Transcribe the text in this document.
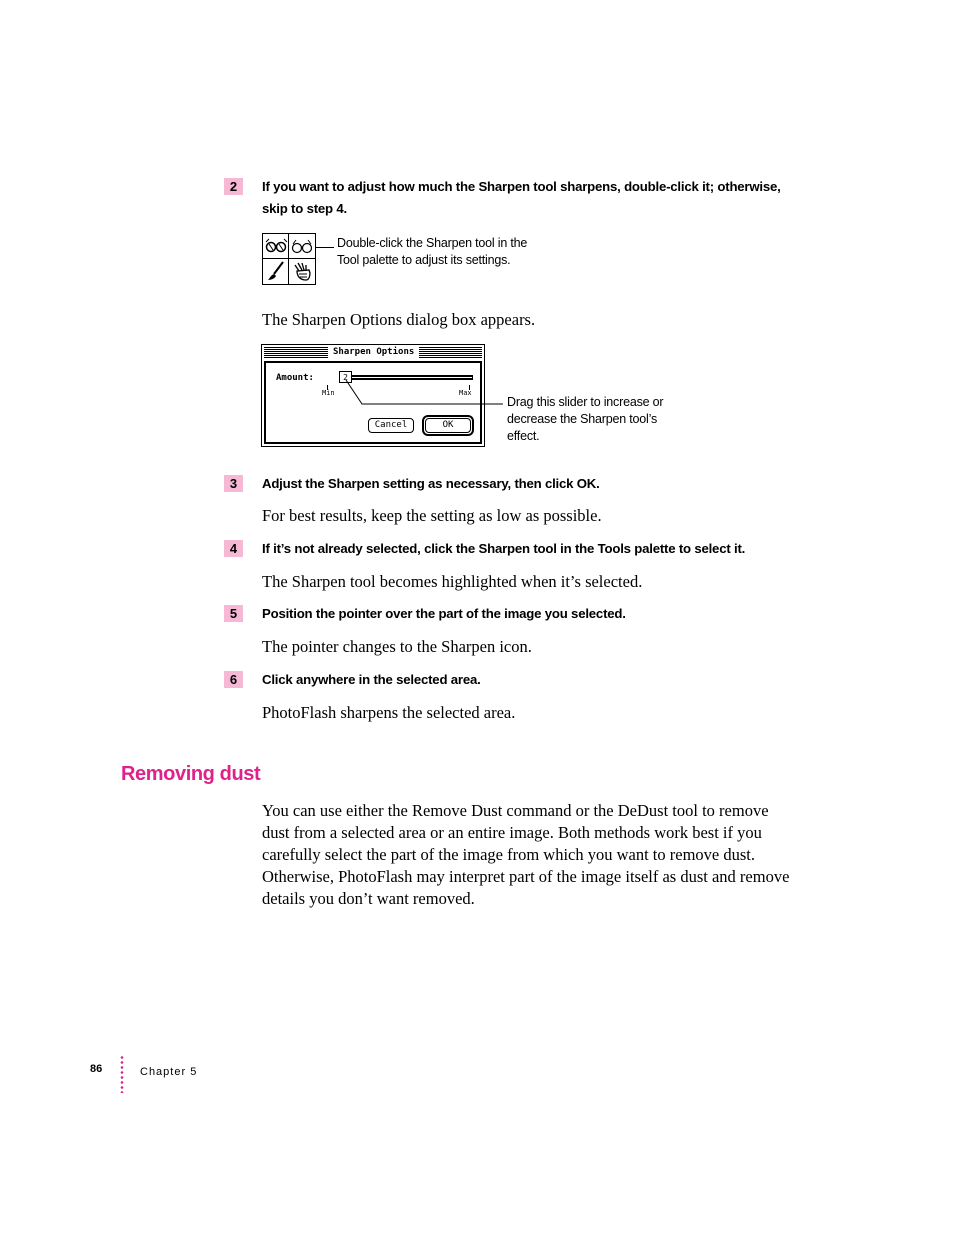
2	If you want to adjust how much the Sharpen tool sharpens, double-click it; otherwise, skip to step 4.
Double-click the Sharpen tool in the Tool palette to adjust its settings.
The Sharpen Options dialog box appears.
Sharpen Options
Amount:	2
Min	Max
Cancel	OK
Drag this slider to increase or decrease the Sharpen tool’s effect.
3	Adjust the Sharpen setting as necessary, then click OK.
For best results, keep the setting as low as possible.
4	If it’s not already selected, click the Sharpen tool in the Tools palette to select it.
The Sharpen tool becomes highlighted when it’s selected.
5	Position the pointer over the part of the image you selected.
The pointer changes to the Sharpen icon.
6	Click anywhere in the selected area.
PhotoFlash sharpens the selected area.
Removing dust
You can use either the Remove Dust command or the DeDust tool to remove dust from a selected area or an entire image. Both methods work best if you carefully select the part of the image from which you want to remove dust. Otherwise, PhotoFlash may interpret part of the image itself as dust and remove details you don’t want removed.
86	Chapter 5
